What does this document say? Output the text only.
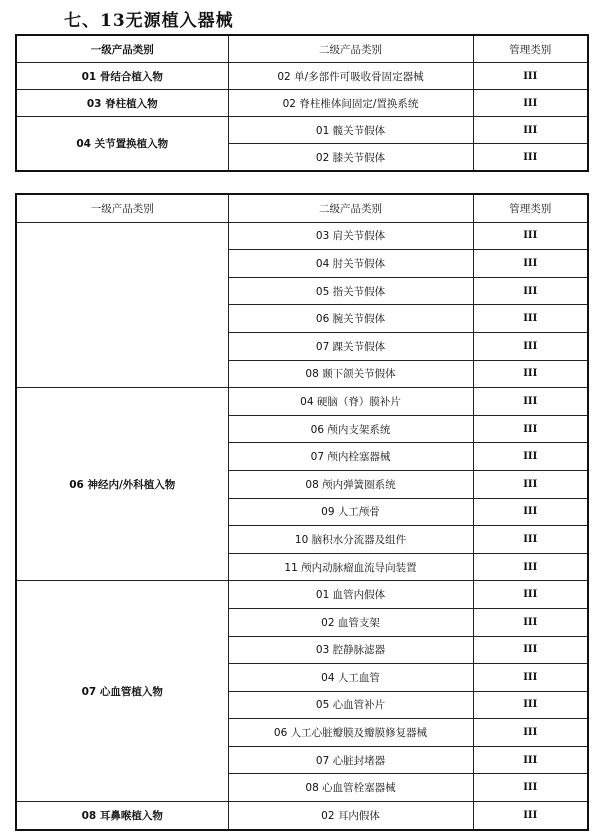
七、13无源植入器械
一级产品类别	二级产品类别	管理类别
01 骨结合植入物	02 单/多部件可吸收骨固定器械	III
03 脊柱植入物	02 脊柱椎体间固定/置换系统	III
04 关节置换植入物	01 髋关节假体	III
	02 膝关节假体	III
一级产品类别	二级产品类别	管理类别
	03 肩关节假体	III
	04 肘关节假体	III
	05 指关节假体	III
	06 腕关节假体	III
	07 踝关节假体	III
	08 颞下颌关节假体	III
06 神经内/外科植入物	04 硬脑（脊）膜补片	III
	06 颅内支架系统	III
	07 颅内栓塞器械	III
	08 颅内弹簧圈系统	III
	09 人工颅骨	III
	10 脑积水分流器及组件	III
	11 颅内动脉瘤血流导向装置	III
07 心血管植入物	01 血管内假体	III
	02 血管支架	III
	03 腔静脉滤器	III
	04 人工血管	III
	05 心血管补片	III
	06 人工心脏瓣膜及瓣膜修复器械	III
	07 心脏封堵器	III
	08 心血管栓塞器械	III
08 耳鼻喉植入物	02 耳内假体	III
